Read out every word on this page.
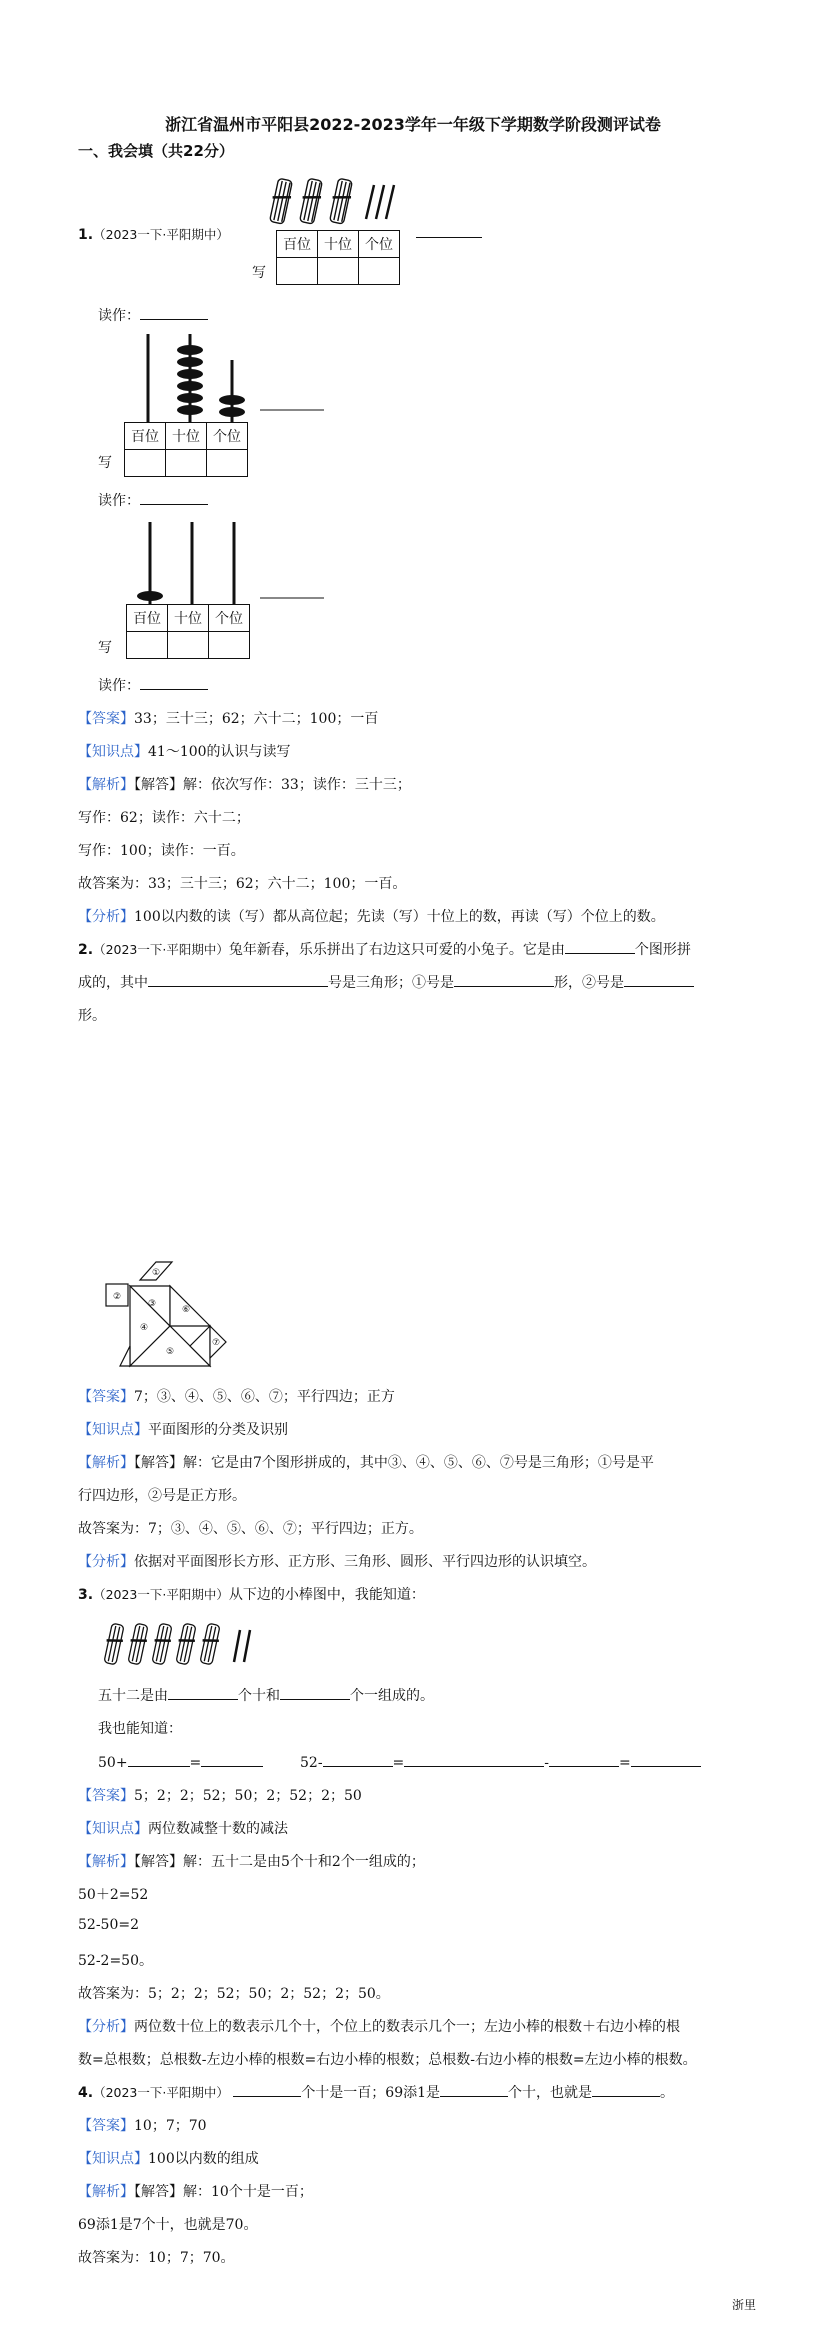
浙江省温州市平阳县2022-2023学年一年级下学期数学阶段测评试卷
一、我会填（共22分）
1.（2023一下·平阳期中）
百位	十位	个位

写
读作：
百位	十位	个位

写
读作：
百位	十位	个位

写
读作：
【答案】33；三十三；62；六十二；100；一百
【知识点】41～100的认识与读写
【解析】【解答】解：依次写作：33；读作：三十三；
写作：62；读作：六十二；
写作：100；读作：一百。
故答案为：33；三十三；62；六十二；100；一百。
【分析】100以内数的读（写）都从高位起；先读（写）十位上的数，再读（写）个位上的数。
2.（2023一下·平阳期中）兔年新春，乐乐拼出了右边这只可爱的小兔子。它是由	个图形拼
成的，其中	号是三角形；①号是	形，②号是
形。
①
②
③
④
⑤
⑥
⑦
【答案】7；③、④、⑤、⑥、⑦；平行四边；正方
【知识点】平面图形的分类及识别
【解析】【解答】解：它是由7个图形拼成的，其中③、④、⑤、⑥、⑦号是三角形；①号是平
行四边形，②号是正方形。
故答案为：7；③、④、⑤、⑥、⑦；平行四边；正方。
【分析】依据对平面图形长方形、正方形、三角形、圆形、平行四边形的认识填空。
3.（2023一下·平阳期中）从下边的小棒图中，我能知道：
五十二是由	个十和	个一组成的。
我也能知道：
50+	=	52-	=	-	=
【答案】5；2；2；52；50；2；52；2；50
【知识点】两位数减整十数的减法
【解析】【解答】解：五十二是由5个十和2个一组成的；
50＋2=52
52-50=2
52-2=50。
故答案为：5；2；2；52；50；2；52；2；50。
【分析】两位数十位上的数表示几个十，个位上的数表示几个一；左边小棒的根数＋右边小棒的根
数=总根数；总根数-左边小棒的根数=右边小棒的根数；总根数-右边小棒的根数=左边小棒的根数。
4.（2023一下·平阳期中）	个十是一百；69添1是	个十，也就是	。
【答案】10；7；70
【知识点】100以内数的组成
【解析】【解答】解：10个十是一百；
69添1是7个十，也就是70。
故答案为：10；7；70。
浙里
